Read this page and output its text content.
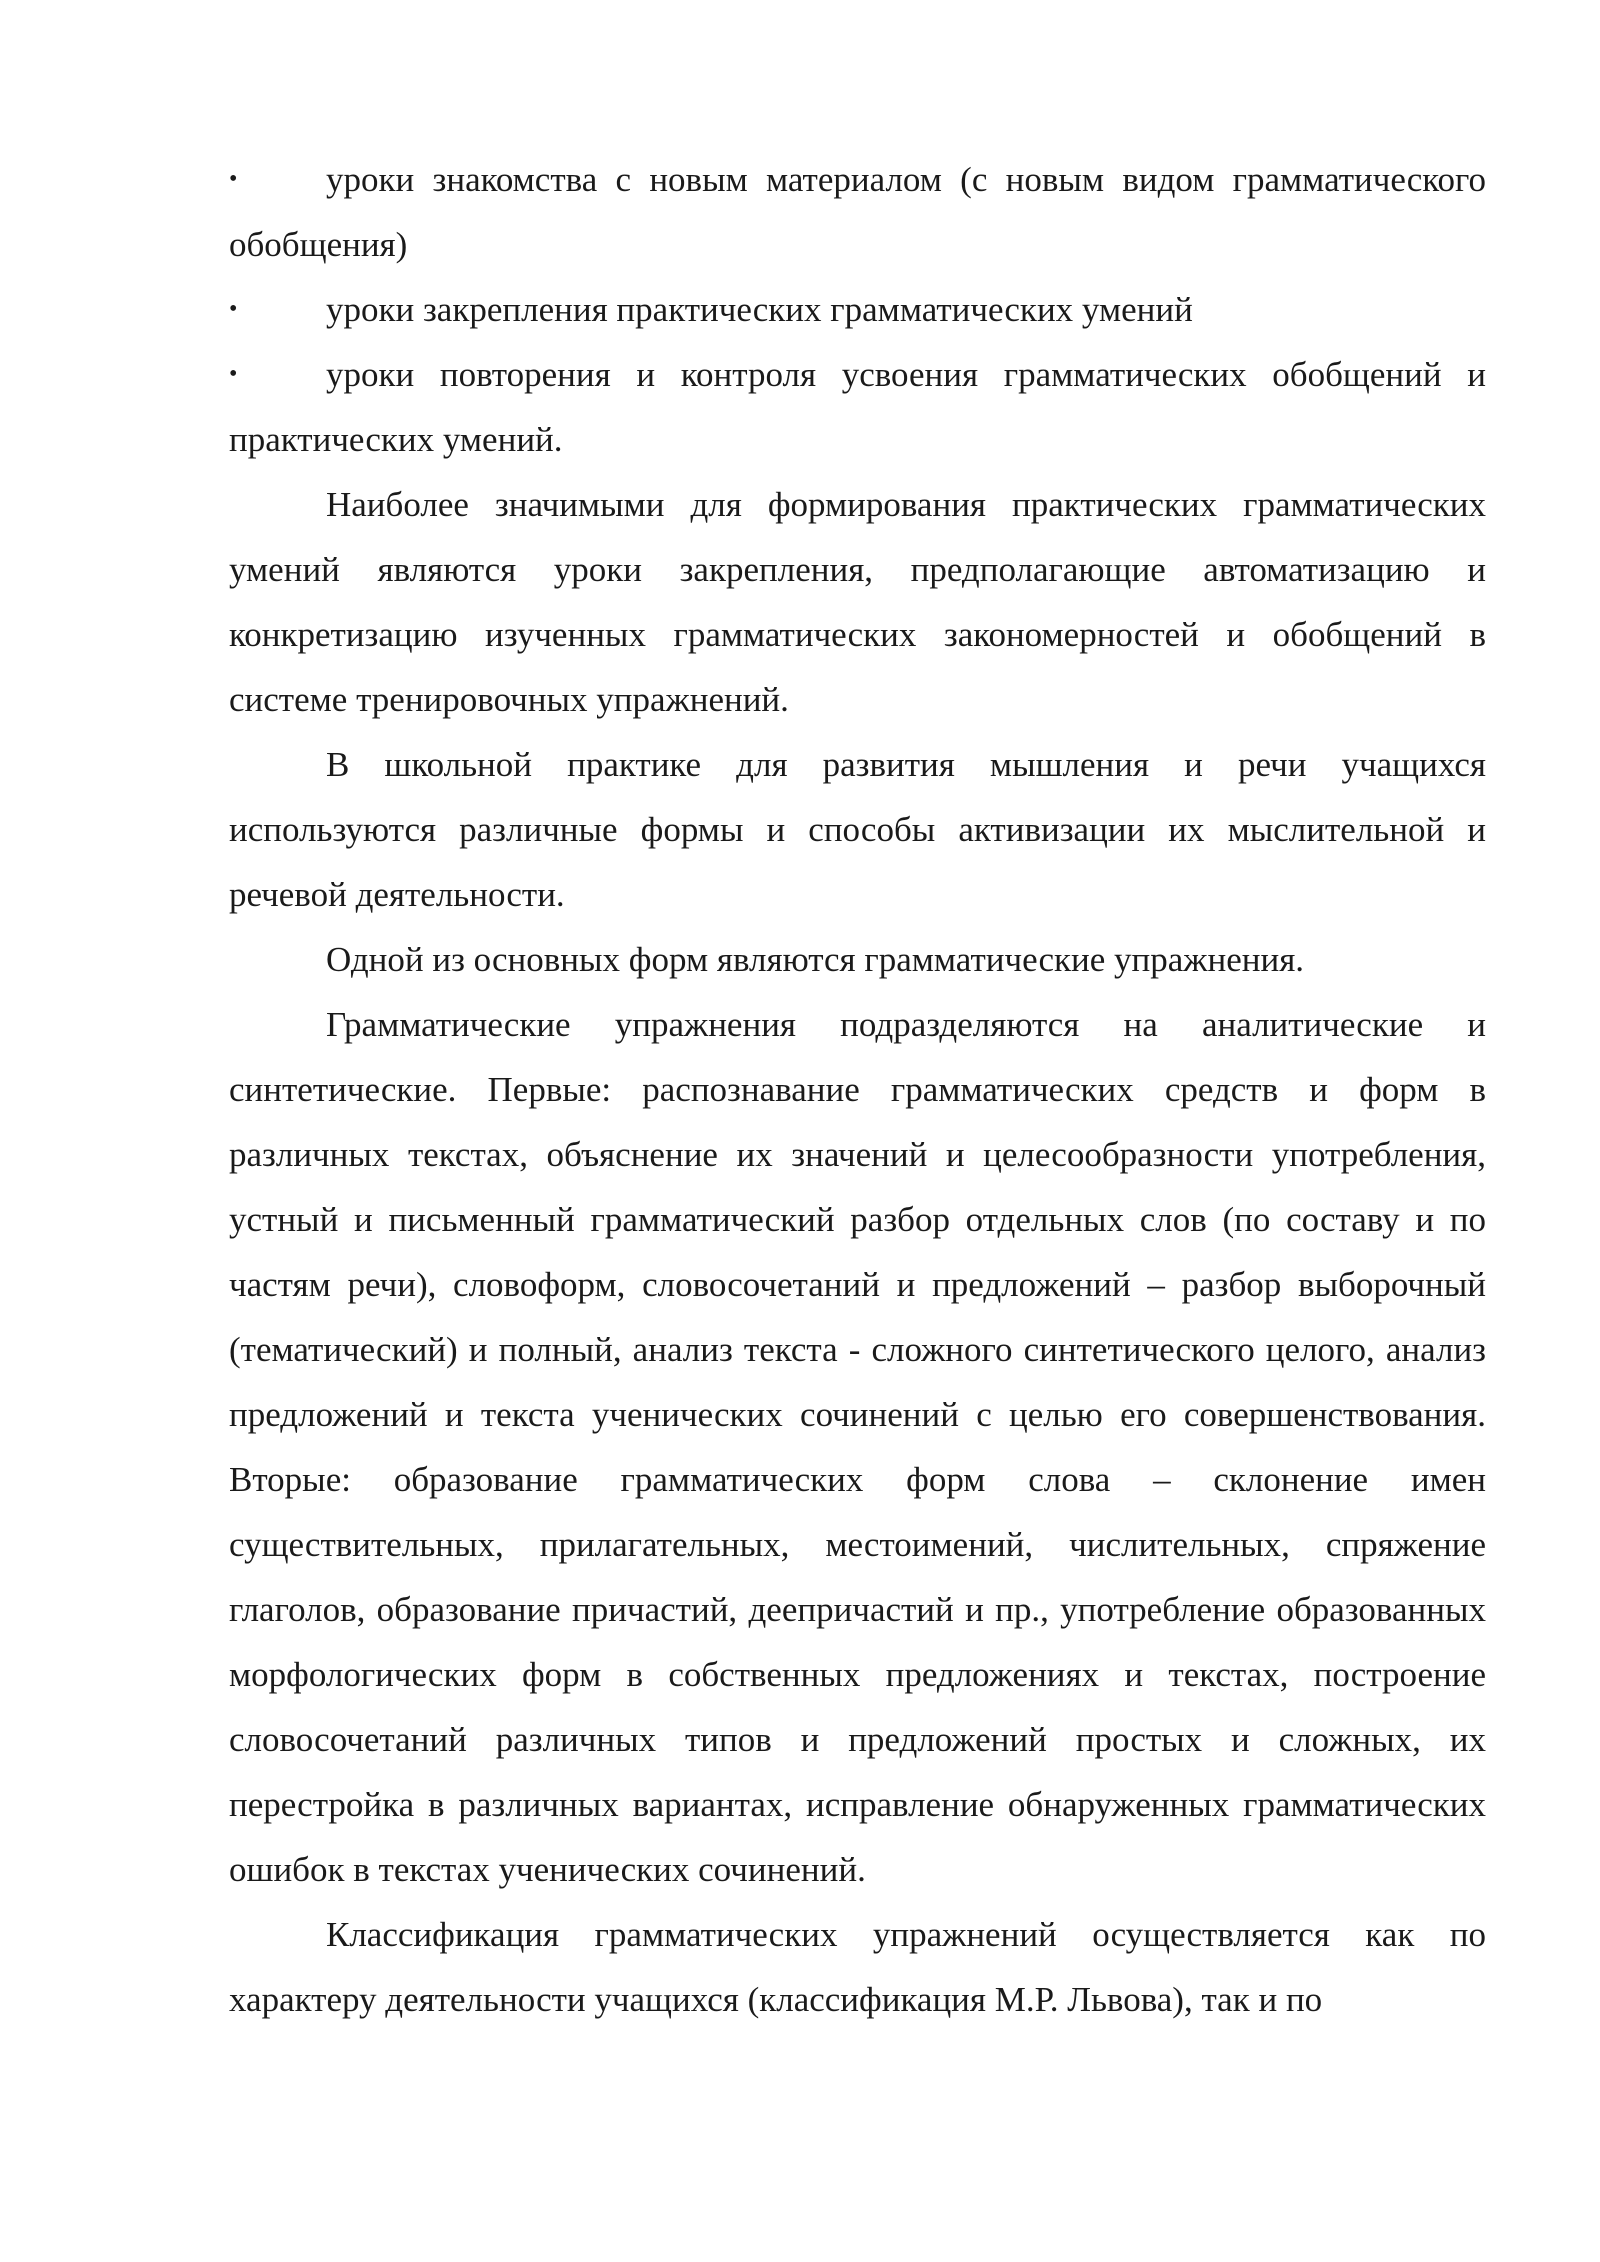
•	уроки знакомства с новым материалом (с новым видом грамматического обобщения)

•	уроки закрепления практических грамматических умений

•	уроки повторения и контроля усвоения грамматических обобщений и практических умений.

Наиболее значимыми для формирования практических грамматических умений являются уроки закрепления, предполагающие автоматизацию и конкретизацию изученных грамматических закономерностей и обобщений в системе тренировочных упражнений.

В школьной практике для развития мышления и речи учащихся используются различные формы и способы активизации их мыслительной и речевой деятельности.

Одной из основных форм являются грамматические упражнения.

Грамматические упражнения подразделяются на аналитические и синтетические. Первые: распознавание грамматических средств и форм в различных текстах, объяснение их значений и целесообразности употребления, устный и письменный грамматический разбор отдельных слов (по составу и по частям речи), словоформ, словосочетаний и предложений – разбор выборочный (тематический) и полный, анализ текста - сложного синтетического целого, анализ предложений и текста ученических сочинений с целью его совершенствования. Вторые: образование грамматических форм слова – склонение имен существительных, прилагательных, местоимений, числительных, спряжение глаголов, образование причастий, деепричастий и пр., употребление образованных морфологических форм в собственных предложениях и текстах, построение словосочетаний различных типов и предложений простых и сложных, их перестройка в различных вариантах, исправление обнаруженных грамматических ошибок в текстах ученических сочинений.

Классификация грамматических упражнений осуществляется как по характеру деятельности учащихся (классификация М.Р. Львова), так и по
